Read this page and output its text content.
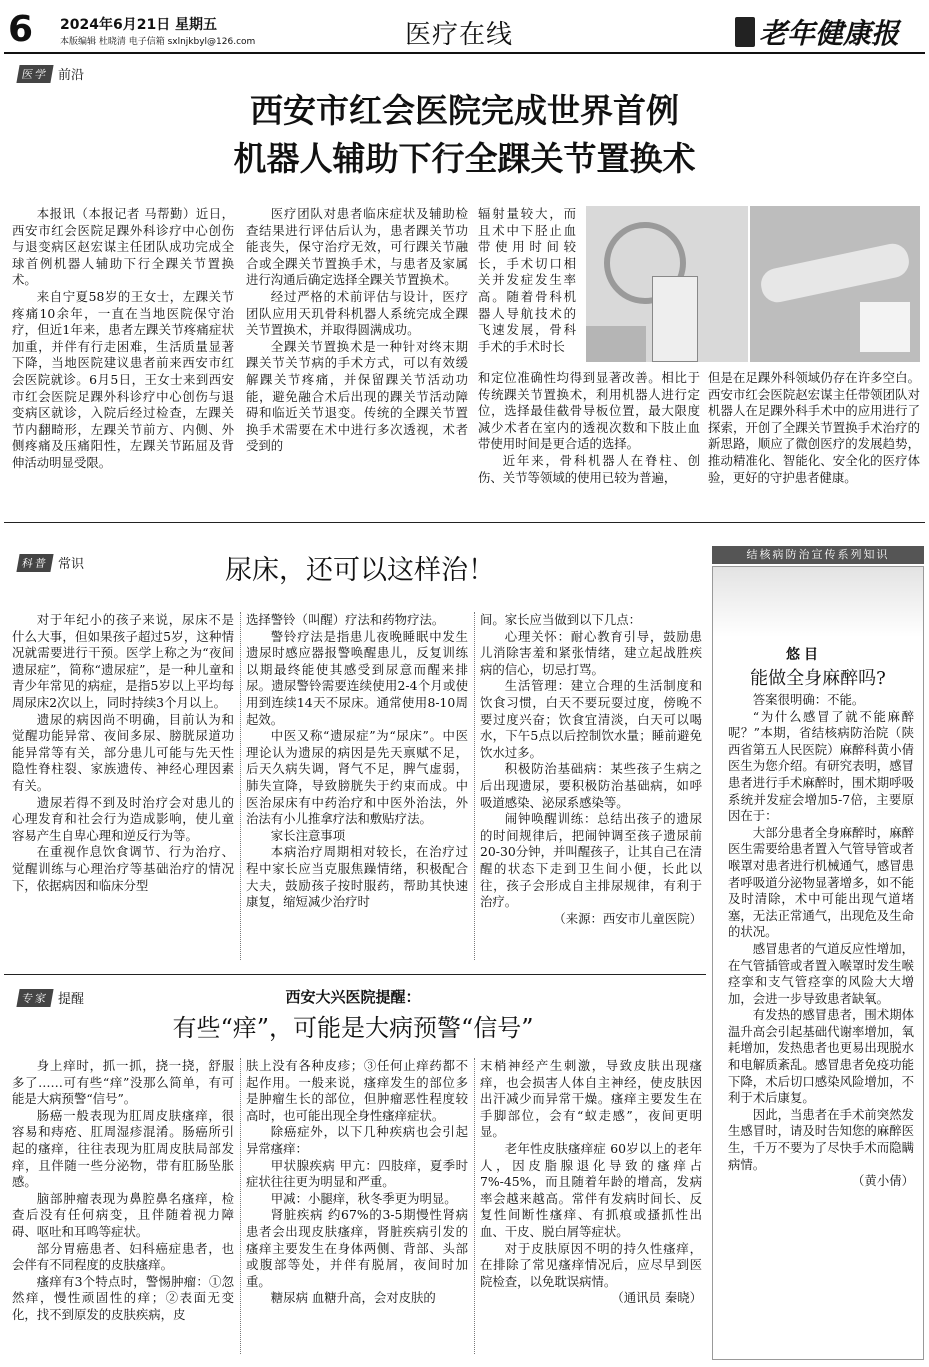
6	2024年6月21日 星期五
本版编辑 杜晓清 电子信箱 sxlnjkbyl@126.com	医疗在线	老年健康报
医学 前沿
西安市红会医院完成世界首例
机器人辅助下行全踝关节置换术

本报讯（本报记者 马帮勤）近日，西安市红会医院足踝外科诊疗中心创伤与退变病区赵宏谋主任团队成功完成全球首例机器人辅助下行全踝关节置换术。

来自宁夏58岁的王女士，左踝关节疼痛10余年，一直在当地医院保守治疗，但近1年来，患者左踝关节疼痛症状加重，并伴有行走困难，生活质量显著下降，当地医院建议患者前来西安市红会医院就诊。6月5日，王女士来到西安市红会医院足踝外科诊疗中心创伤与退变病区就诊，入院后经过检查，左踝关节内翻畸形，左踝关节前方、内侧、外侧疼痛及压痛阳性，左踝关节跖屈及背伸活动明显受限。

医疗团队对患者临床症状及辅助检查结果进行评估后认为，患者踝关节功能丧失，保守治疗无效，可行踝关节融合或全踝关节置换手术，与患者及家属进行沟通后确定选择全踝关节置换术。

经过严格的术前评估与设计，医疗团队应用天玑骨科机器人系统完成全踝关节置换术，并取得圆满成功。

全踝关节置换术是一种针对终末期踝关节关节病的手术方式，可以有效缓解踝关节疼痛，并保留踝关节活动功能，避免融合术后出现的踝关节活动障碍和临近关节退变。传统的全踝关节置换手术需要在术中进行多次透视，术者受到的

辐射量较大，而且术中下胫止血带使用时间较长，手术切口相关并发症发生率高。随着骨科机器人导航技术的飞速发展，骨科手术的手术时长

和定位准确性均得到显著改善。相比于传统踝关节置换术，利用机器人进行定位，选择最佳截骨导板位置，最大限度减少术者在室内的透视次数和下肢止血带使用时间是更合适的选择。

近年来，骨科机器人在脊柱、创伤、关节等领域的使用已较为普遍，

但是在足踝外科领域仍存在许多空白。西安市红会医院赵宏谋主任带领团队对机器人在足踝外科手术中的应用进行了探索，开创了全踝关节置换手术治疗的新思路，顺应了微创医疗的发展趋势，推动精准化、智能化、安全化的医疗体验，更好的守护患者健康。

科普 常识	尿床，还可以这样治！

对于年纪小的孩子来说，尿床不是什么大事，但如果孩子超过5岁，这种情况就需要进行干预。医学上称之为“夜间遗尿症”，简称“遗尿症”，是一种儿童和青少年常见的病症，是指5岁以上平均每周尿床2次以上，同时持续3个月以上。

遗尿的病因尚不明确，目前认为和觉醒功能异常、夜间多尿、膀胱尿道功能异常等有关，部分患儿可能与先天性隐性脊柱裂、家族遗传、神经心理因素有关。

遗尿若得不到及时治疗会对患儿的心理发育和社会行为造成影响，使儿童容易产生自卑心理和逆反行为等。

在重视作息饮食调节、行为治疗、觉醒训练与心理治疗等基础治疗的情况下，依据病因和临床分型

选择警铃（叫醒）疗法和药物疗法。

警铃疗法是指患儿夜晚睡眠中发生遗尿时感应器报警唤醒患儿，反复训练以期最终能使其感受到尿意而醒来排尿。遗尿警铃需要连续使用2-4个月或使用到连续14天不尿床。通常使用8-10周起效。

中医又称“遗尿症”为“尿床”。中医理论认为遗尿的病因是先天禀赋不足，后天久病失调，肾气不足，脾气虚弱，肺失宣降，导致膀胱失于约束而成。中医治尿床有中药治疗和中医外治法，外治法有小儿推拿疗法和敷贴疗法。

家长注意事项

本病治疗周期相对较长，在治疗过程中家长应当克服焦躁情绪，积极配合大夫，鼓励孩子按时服药，帮助其快速康复，缩短减少治疗时

间。家长应当做到以下几点：

心理关怀：耐心教育引导，鼓励患儿消除害羞和紧张情绪，建立起战胜疾病的信心，切忌打骂。

生活管理：建立合理的生活制度和饮食习惯，白天不要玩耍过度，傍晚不要过度兴奋；饮食宜清淡，白天可以喝水，下午5点以后控制饮水量；睡前避免饮水过多。

积极防治基础病：某些孩子生病之后出现遗尿，要积极防治基础病，如呼吸道感染、泌尿系感染等。

闹钟唤醒训练：总结出孩子的遗尿的时间规律后，把闹钟调至孩子遗尿前20-30分钟，并叫醒孩子，让其自己在清醒的状态下走到卫生间小便，长此以往，孩子会形成自主排尿规律，有利于治疗。

（来源：西安市儿童医院）

结核病防治宣传系列知识
悠目
能做全身麻醉吗?

答案很明确：不能。

“为什么感冒了就不能麻醉呢？”本期，省结核病防治院（陕西省第五人民医院）麻醉科黄小倩医生为您介绍。有研究表明，感冒患者进行手术麻醉时，围术期呼吸系统并发症会增加5-7倍，主要原因在于：

大部分患者全身麻醉时，麻醉医生需要给患者置入气管导管或者喉罩对患者进行机械通气，感冒患者呼吸道分泌物显著增多，如不能及时清除，术中可能出现气道堵塞，无法正常通气，出现危及生命的状况。

感冒患者的气道反应性增加，在气管插管或者置入喉罩时发生喉痉挛和支气管痉挛的风险大大增加，会进一步导致患者缺氧。

有发热的感冒患者，围术期体温升高会引起基础代谢率增加，氧耗增加，发热患者也更易出现脱水和电解质紊乱。感冒患者免疫功能下降，术后切口感染风险增加，不利于术后康复。

因此，当患者在手术前突然发生感冒时，请及时告知您的麻醉医生，千万不要为了尽快手术而隐瞒病情。

（黄小倩）

专家 提醒	西安大兴医院提醒：
有些“痒”，可能是大病预警“信号”

身上痒时，抓一抓，挠一挠，舒服多了……可有些“痒”没那么简单，有可能是大病预警“信号”。

肠癌一般表现为肛周皮肤瘙痒，很容易和痔疮、肛周湿疹混淆。肠癌所引起的瘙痒，往往表现为肛周皮肤局部发痒，且伴随一些分泌物，带有肛肠坠胀感。

脑部肿瘤表现为鼻腔鼻名瘙痒，检查后没有任何病变，且伴随着视力障碍、呕吐和耳鸣等症状。

部分胃癌患者、妇科癌症患者，也会伴有不同程度的皮肤瘙痒。

瘙痒有3个特点时，警惕肿瘤：①忽然痒，慢性顽固性的痒；②表面无变化，找不到原发的皮肤疾病，皮

肤上没有各种皮疹；③任何止痒药都不起作用。一般来说，瘙痒发生的部位多是肿瘤生长的部位，但肿瘤恶性程度较高时，也可能出现全身性瘙痒症状。

除癌症外，以下几种疾病也会引起异常瘙痒：

甲状腺疾病 甲亢：四肢痒，夏季时症状往往更为明显和严重。

甲减：小腿痒，秋冬季更为明显。

肾脏疾病 约67%的3-5期慢性肾病患者会出现皮肤瘙痒，肾脏疾病引发的瘙痒主要发生在身体两侧、背部、头部或腹部等处，并伴有脱屑，夜间时加重。

糖尿病 血糖升高，会对皮肤的

末梢神经产生刺激，导致皮肤出现瘙痒，也会损害人体自主神经，使皮肤因出汗减少而异常干燥。瘙痒主要发生在手脚部位，会有“蚁走感”，夜间更明显。

老年性皮肤瘙痒症 60岁以上的老年人，因皮脂腺退化导致的瘙痒占7%-45%，而且随着年龄的增高，发病率会越来越高。常伴有发病时间长、反复性间断性瘙痒、有抓痕或搔抓性出血、干皮、脱白屑等症状。

对于皮肤原因不明的持久性瘙痒，在排除了常见瘙痒情况后，应尽早到医院检查，以免耽误病情。

（通讯员 秦晓）
